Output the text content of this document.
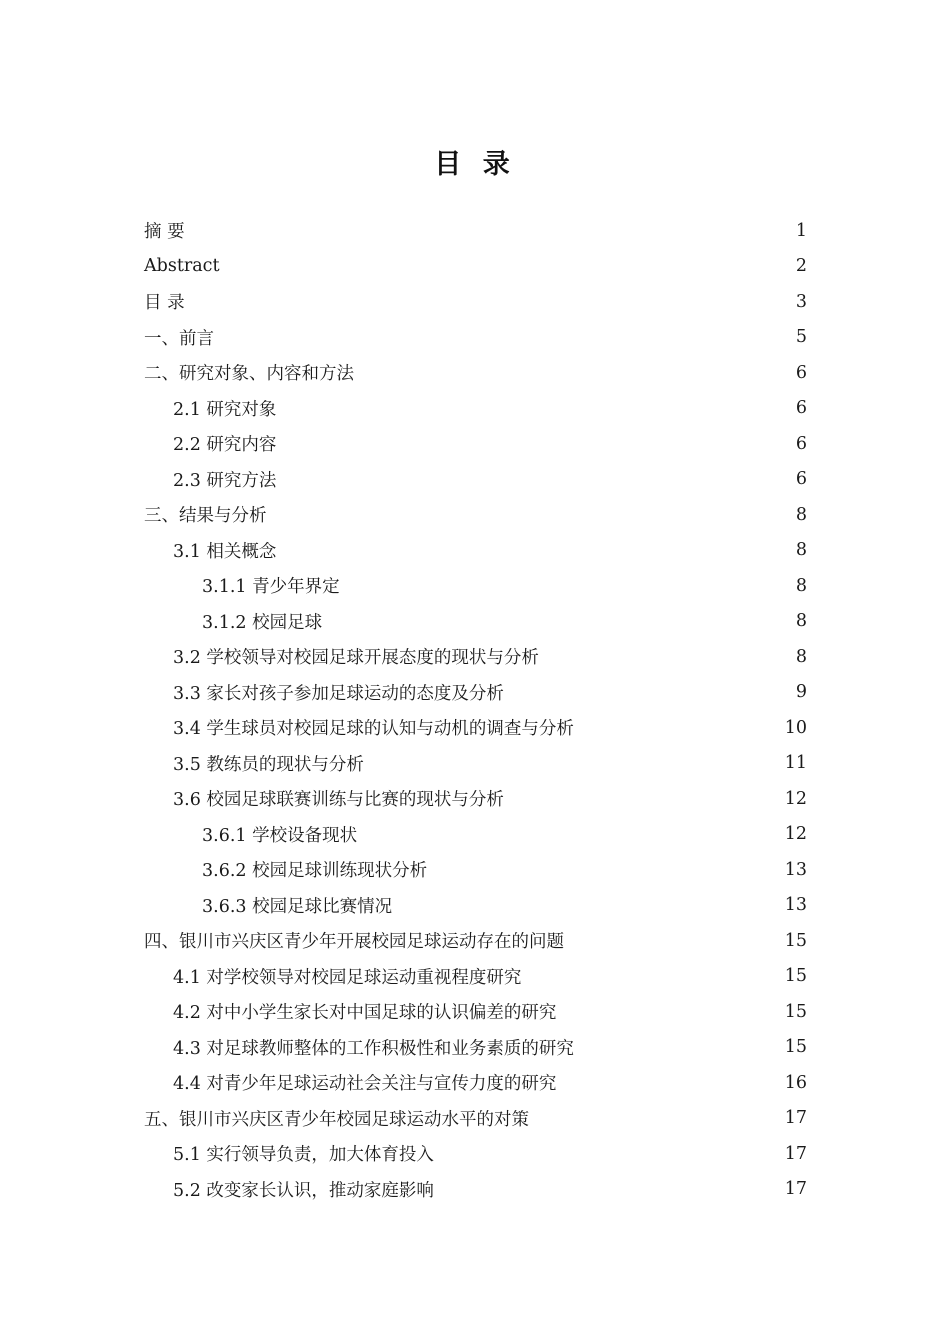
目 录
摘 要	1
Abstract	2
目 录	3
一、前言	5
二、研究对象、内容和方法	6
2.1 研究对象	6
2.2 研究内容	6
2.3 研究方法	6
三、结果与分析	8
3.1 相关概念	8
3.1.1 青少年界定	8
3.1.2 校园足球	8
3.2 学校领导对校园足球开展态度的现状与分析	8
3.3 家长对孩子参加足球运动的态度及分析	9
3.4 学生球员对校园足球的认知与动机的调查与分析	10
3.5 教练员的现状与分析	11
3.6 校园足球联赛训练与比赛的现状与分析	12
3.6.1 学校设备现状	12
3.6.2 校园足球训练现状分析	13
3.6.3 校园足球比赛情况	13
四、银川市兴庆区青少年开展校园足球运动存在的问题	15
4.1 对学校领导对校园足球运动重视程度研究	15
4.2 对中小学生家长对中国足球的认识偏差的研究	15
4.3 对足球教师整体的工作积极性和业务素质的研究	15
4.4 对青少年足球运动社会关注与宣传力度的研究	16
五、银川市兴庆区青少年校园足球运动水平的对策	17
5.1 实行领导负责，加大体育投入	17
5.2 改变家长认识，推动家庭影响	17
